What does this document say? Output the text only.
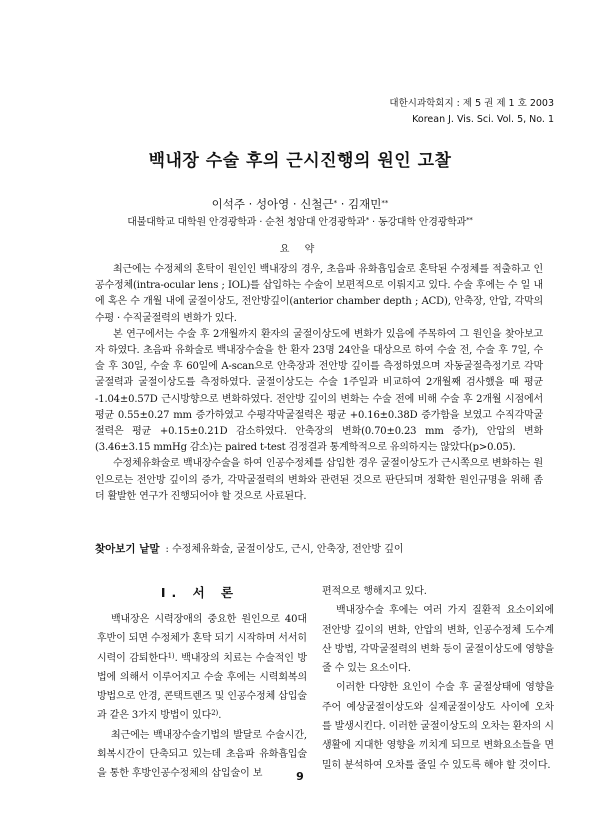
대한시과학회지 : 제 5 권 제 1 호 2003
Korean J. Vis. Sci. Vol. 5, No. 1
백내장 수술 후의 근시진행의 원인 고찰
이석주 · 성아영 · 신철근* · 김재민**
대불대학교 대학원 안경광학과 · 순천 청암대 안경광학과* · 동강대학 안경광학과**
요 약

최근에는 수정체의 혼탁이 원인인 백내장의 경우, 초음파 유화흡입술로 혼탁된 수정체를 적출하고 인공수정체(intra-ocular lens ; IOL)를 삽입하는 수술이 보편적으로 이뤄지고 있다. 수술 후에는 수 일 내에 혹은 수 개월 내에 굴절이상도, 전안방깊이(anterior chamber depth ; ACD), 안축장, 안압, 각막의 수평 · 수직굴절력의 변화가 있다.

본 연구에서는 수술 후 2개월까지 환자의 굴절이상도에 변화가 있음에 주목하여 그 원인을 찾아보고자 하였다. 초음파 유화술로 백내장수술을 한 환자 23명 24안을 대상으로 하여 수술 전, 수술 후 7일, 수술 후 30일, 수술 후 60일에 A-scan으로 안축장과 전안방 깊이를 측정하였으며 자동굴절측정기로 각막굴절력과 굴절이상도를 측정하였다. 굴절이상도는 수술 1주일과 비교하여 2개월째 검사했을 때 평균 -1.04±0.57D 근시방향으로 변화하였다. 전안방 깊이의 변화는 수술 전에 비해 수술 후 2개월 시점에서 평균 0.55±0.27 mm 증가하였고 수평각막굴절력은 평균 +0.16±0.38D 증가함을 보였고 수직각막굴절력은 평균 +0.15±0.21D 감소하였다. 안축장의 변화(0.70±0.23 mm 증가), 안압의 변화(3.46±3.15 mmHg 감소)는 paired t-test 검정결과 통계학적으로 유의하지는 않았다(p>0.05).

수정체유화술로 백내장수술을 하여 인공수정체를 삽입한 경우 굴절이상도가 근시쪽으로 변화하는 원인으로는 전안방 깊이의 증가, 각막굴절력의 변화와 관련된 것으로 판단되며 정확한 원인규명을 위해 좀 더 활발한 연구가 진행되어야 할 것으로 사료된다.

찾아보기 낱말 : 수정체유화술, 굴절이상도, 근시, 안축장, 전안방 깊이
Ⅰ. 서 론

백내장은 시력장애의 중요한 원인으로 40대 후반이 되면 수정체가 혼탁 되기 시작하며 서서히 시력이 감퇴한다$^{1)}$. 백내장의 치료는 수술적인 방법에 의해서 이루어지고 수술 후에는 시력회복의 방법으로 안경, 콘택트렌즈 및 인공수정체 삽입술과 같은 3가지 방법이 있다$^{2)}$.

최근에는 백내장수술기법의 발달로 수술시간, 회복시간이 단축되고 있는데 초음파 유화흡입술을 통한 후방인공수정체의 삽입술이 보

편적으로 행해지고 있다.

백내장수술 후에는 여러 가지 질환적 요소이외에 전안방 깊이의 변화, 안압의 변화, 인공수정체 도수계산 방법, 각막굴절력의 변화 등이 굴절이상도에 영향을 줄 수 있는 요소이다.

이러한 다양한 요인이 수술 후 굴절상태에 영향을 주어 예상굴절이상도와 실제굴절이상도 사이에 오차를 발생시킨다. 이러한 굴절이상도의 오차는 환자의 시생활에 지대한 영향을 끼치게 되므로 변화요소들을 면밀히 분석하여 오차를 줄일 수 있도록 해야 할 것이다.

9
